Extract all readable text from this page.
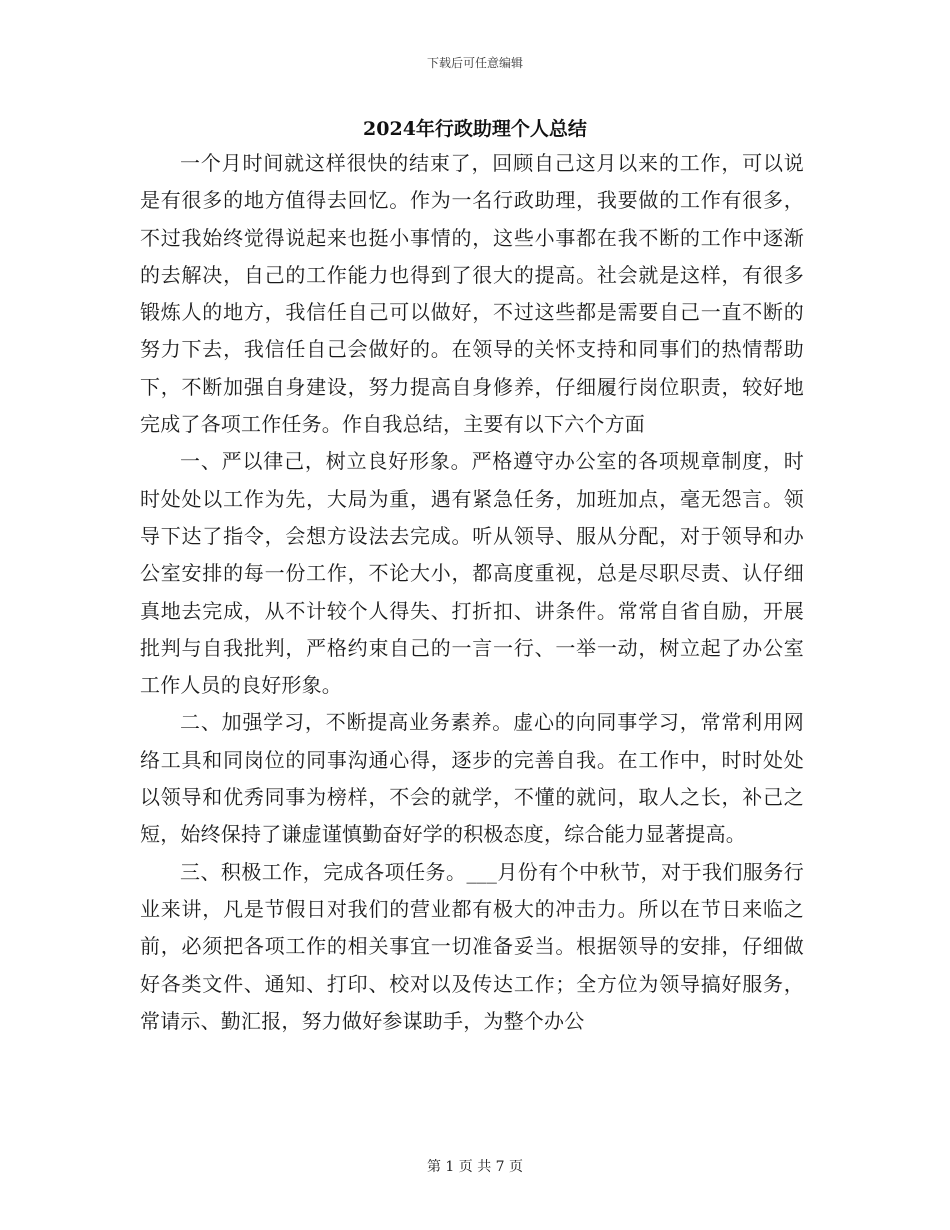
下载后可任意编辑
2024年行政助理个人总结

一个月时间就这样很快的结束了，回顾自己这月以来的工作，可以说是有很多的地方值得去回忆。作为一名行政助理，我要做的工作有很多，不过我始终觉得说起来也挺小事情的，这些小事都在我不断的工作中逐渐的去解决，自己的工作能力也得到了很大的提高。社会就是这样，有很多锻炼人的地方，我信任自己可以做好，不过这些都是需要自己一直不断的努力下去，我信任自己会做好的。在领导的关怀支持和同事们的热情帮助下，不断加强自身建设，努力提高自身修养，仔细履行岗位职责，较好地完成了各项工作任务。作自我总结，主要有以下六个方面

一、严以律己，树立良好形象。严格遵守办公室的各项规章制度，时时处处以工作为先，大局为重，遇有紧急任务，加班加点，毫无怨言。领导下达了指令，会想方设法去完成。听从领导、服从分配，对于领导和办公室安排的每一份工作，不论大小，都高度重视，总是尽职尽责、认仔细真地去完成，从不计较个人得失、打折扣、讲条件。常常自省自励，开展批判与自我批判，严格约束自己的一言一行、一举一动，树立起了办公室工作人员的良好形象。

二、加强学习，不断提高业务素养。虚心的向同事学习，常常利用网络工具和同岗位的同事沟通心得，逐步的完善自我。在工作中，时时处处以领导和优秀同事为榜样，不会的就学，不懂的就问，取人之长，补己之短，始终保持了谦虚谨慎勤奋好学的积极态度，综合能力显著提高。

三、积极工作，完成各项任务。___月份有个中秋节，对于我们服务行业来讲，凡是节假日对我们的营业都有极大的冲击力。所以在节日来临之前，必须把各项工作的相关事宜一切准备妥当。根据领导的安排，仔细做好各类文件、通知、打印、校对以及传达工作；全方位为领导搞好服务，常请示、勤汇报，努力做好参谋助手，为整个办公

第 1 页 共 7 页
